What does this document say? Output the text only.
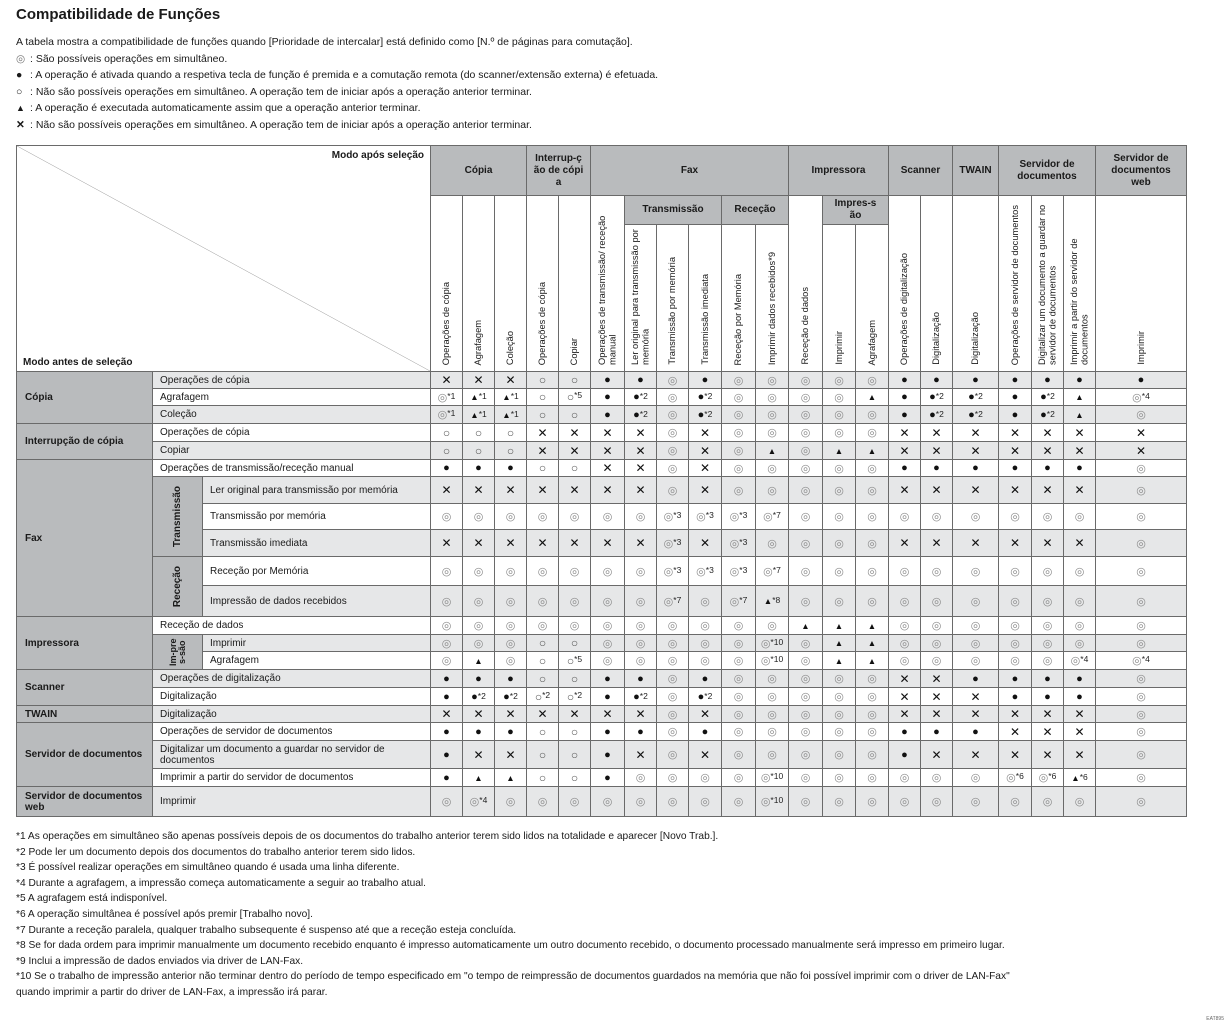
Compatibilidade de Funções
A tabela mostra a compatibilidade de funções quando [Prioridade de intercalar] está definido como [N.º de páginas para comutação].
◎ : São possíveis operações em simultâneo.
● : A operação é ativada quando a respetiva tecla de função é premida e a comutação remota (do scanner/extensão externa) é efetuada.
○ : Não são possíveis operações em simultâneo. A operação tem de iniciar após a operação anterior terminar.
▲ : A operação é executada automaticamente assim que a operação anterior terminar.
✕ : Não são possíveis operações em simultâneo. A operação tem de iniciar após a operação anterior terminar.
Modo após seleção
Modo antes de seleção
	Cópia	Interrup-ção de cópia	Fax	Impressora	Scanner	TWAIN	Servidor de documentos	Servidor de documentos web

Operações de cópia	Agrafagem	Coleção	Operações de cópia	Copiar	Operações de transmissão/ receção manual
	Transmissão	Receção	
Receção de dados
	Impres-são	
Operações de digitalização	Digitalização	Digitalização	Operações de servidor de documentos	Digitalizar um documento a guardar no servidor de documentos	Imprimir a partir do servidor de documentos	Imprimir

Ler original para transmissão por memória	Transmissão por memória	Transmissão imediata	Receção por Memória	Imprimir dados recebidos*9	Imprimir	Agrafagem

Cópia	Operações de cópia	✕	✕	✕	○	○	●	●	◎	●	◎	◎	◎	◎	◎	●	●	●	●	●	●	●
Agrafagem	◎$^{*1}$	▲$^{*1}$	▲$^{*1}$	○	○$^{*5}$	●	●$^{*2}$	◎	●$^{*2}$	◎	◎	◎	◎	▲	●	●$^{*2}$	●$^{*2}$	●	●$^{*2}$	▲	◎$^{*4}$
Coleção	◎$^{*1}$	▲$^{*1}$	▲$^{*1}$	○	○	●	●$^{*2}$	◎	●$^{*2}$	◎	◎	◎	◎	◎	●	●$^{*2}$	●$^{*2}$	●	●$^{*2}$	▲	◎
Interrupção de cópia	Operações de cópia	○	○	○	✕	✕	✕	✕	◎	✕	◎	◎	◎	◎	◎	✕	✕	✕	✕	✕	✕	✕
Copiar	○	○	○	✕	✕	✕	✕	◎	✕	◎	▲	◎	▲	▲	✕	✕	✕	✕	✕	✕	✕
Fax	Operações de transmissão/receção manual	●	●	●	○	○	✕	✕	◎	✕	◎	◎	◎	◎	◎	●	●	●	●	●	●	◎

Transmissão	Ler original para transmissão por memória	✕	✕	✕	✕	✕	✕	✕	◎	✕	◎	◎	◎	◎	◎	✕	✕	✕	✕	✕	✕	◎
Transmissão por memória	◎	◎	◎	◎	◎	◎	◎	◎$^{*3}$	◎$^{*3}$	◎$^{*3}$	◎$^{*7}$	◎	◎	◎	◎	◎	◎	◎	◎	◎	◎
Transmissão imediata	✕	✕	✕	✕	✕	✕	✕	◎$^{*3}$	✕	◎$^{*3}$	◎	◎	◎	◎	✕	✕	✕	✕	✕	✕	◎

Receção	Receção por Memória	◎	◎	◎	◎	◎	◎	◎	◎$^{*3}$	◎$^{*3}$	◎$^{*3}$	◎$^{*7}$	◎	◎	◎	◎	◎	◎	◎	◎	◎	◎
Impressão de dados recebidos	◎	◎	◎	◎	◎	◎	◎	◎$^{*7}$	◎	◎$^{*7}$	▲$^{*8}$	◎	◎	◎	◎	◎	◎	◎	◎	◎	◎
Impressora	Receção de dados	◎	◎	◎	◎	◎	◎	◎	◎	◎	◎	◎	▲	▲	▲	◎	◎	◎	◎	◎	◎	◎

Im-pres-são	Imprimir	◎	◎	◎	○	○	◎	◎	◎	◎	◎	◎$^{*10}$	◎	▲	▲	◎	◎	◎	◎	◎	◎	◎
Agrafagem	◎	▲	◎	○	○$^{*5}$	◎	◎	◎	◎	◎	◎$^{*10}$	◎	▲	▲	◎	◎	◎	◎	◎	◎$^{*4}$	◎$^{*4}$
Scanner	Operações de digitalização	●	●	●	○	○	●	●	◎	●	◎	◎	◎	◎	◎	✕	✕	●	●	●	●	◎
Digitalização	●	●$^{*2}$	●$^{*2}$	○$^{*2}$	○$^{*2}$	●	●$^{*2}$	◎	●$^{*2}$	◎	◎	◎	◎	◎	✕	✕	✕	●	●	●	◎
TWAIN	Digitalização	✕	✕	✕	✕	✕	✕	✕	◎	✕	◎	◎	◎	◎	◎	✕	✕	✕	✕	✕	✕	◎
Servidor de documentos	Operações de servidor de documentos	●	●	●	○	○	●	●	◎	●	◎	◎	◎	◎	◎	●	●	●	✕	✕	✕	◎
Digitalizar um documento a guardar no servidor de documentos	●	✕	✕	○	○	●	✕	◎	✕	◎	◎	◎	◎	◎	●	✕	✕	✕	✕	✕	◎
Imprimir a partir do servidor de documentos	●	▲	▲	○	○	●	◎	◎	◎	◎	◎$^{*10}$	◎	◎	◎	◎	◎	◎	◎$^{*6}$	◎$^{*6}$	▲$^{*6}$	◎
Servidor de documentos web	Imprimir	◎	◎$^{*4}$	◎	◎	◎	◎	◎	◎	◎	◎	◎$^{*10}$	◎	◎	◎	◎	◎	◎	◎	◎	◎	◎
*1 As operações em simultâneo são apenas possíveis depois de os documentos do trabalho anterior terem sido lidos na totalidade e aparecer [Novo Trab.].
*2 Pode ler um documento depois dos documentos do trabalho anterior terem sido lidos.
*3 É possível realizar operações em simultâneo quando é usada uma linha diferente.
*4 Durante a agrafagem, a impressão começa automaticamente a seguir ao trabalho atual.
*5 A agrafagem está indisponível.
*6 A operação simultânea é possível após premir [Trabalho novo].
*7 Durante a receção paralela, qualquer trabalho subsequente é suspenso até que a receção esteja concluída.
*8 Se for dada ordem para imprimir manualmente um documento recebido enquanto é impresso automaticamente um outro documento recebido, o documento processado manualmente será impresso em primeiro lugar.
*9 Inclui a impressão de dados enviados via driver de LAN-Fax.
*10 Se o trabalho de impressão anterior não terminar dentro do período de tempo especificado em "o tempo de reimpressão de documentos guardados na memória que não foi possível imprimir com o driver de LAN-Fax"
quando imprimir a partir do driver de LAN-Fax, a impressão irá parar.
EAT895
